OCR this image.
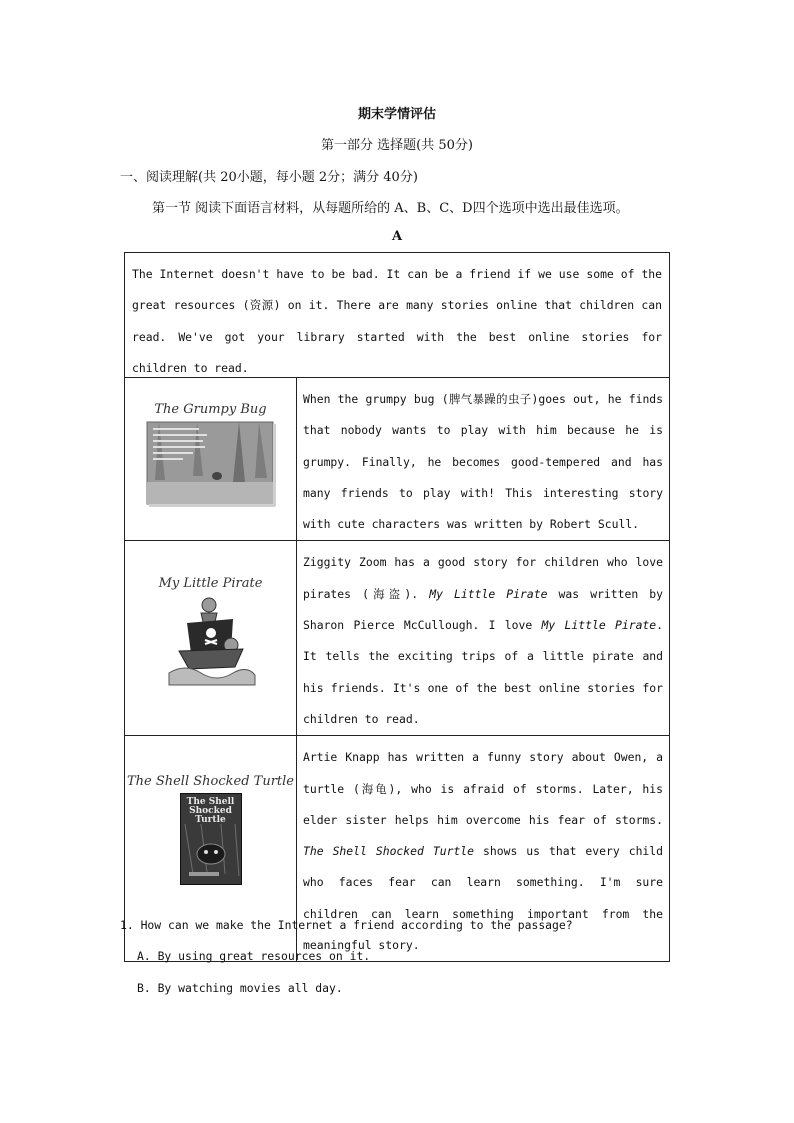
期末学情评估
第一部分 选择题(共 50分)
一、阅读理解(共 20小题，每小题 2分；满分 40分)
第一节 阅读下面语言材料，从每题所给的 A、B、C、D四个选项中选出最佳选项。
A
The Internet doesn't have to be bad. It can be a friend if we use some of the great resources (资源) on it. There are many stories online that children can read. We've got your library started with the best online stories for children to read.	

The Grumpy Bug	When the grumpy bug (脾气暴躁的虫子)goes out, he finds that nobody wants to play with him because he is grumpy. Finally, he becomes good-tempered and has many friends to play with! This interesting story with cute characters was written by Robert Scull.

My Little Pirate	Ziggity Zoom has a good story for children who love pirates (海盗). My Little Pirate was written by Sharon Pierce McCullough. I love My Little Pirate. It tells the exciting trips of a little pirate and his friends. It's one of the best online stories for children to read.

The Shell Shocked Turtle
The Shell Shocked Turtle	Artie Knapp has written a funny story about Owen, a turtle (海龟), who is afraid of storms. Later, his elder sister helps him overcome his fear of storms. The Shell Shocked Turtle shows us that every child who faces fear can learn something. I'm sure children can learn something important from the meaningful story.
1. How can we make the Internet a friend according to the passage?
A. By using great resources on it.
B. By watching movies all day.
